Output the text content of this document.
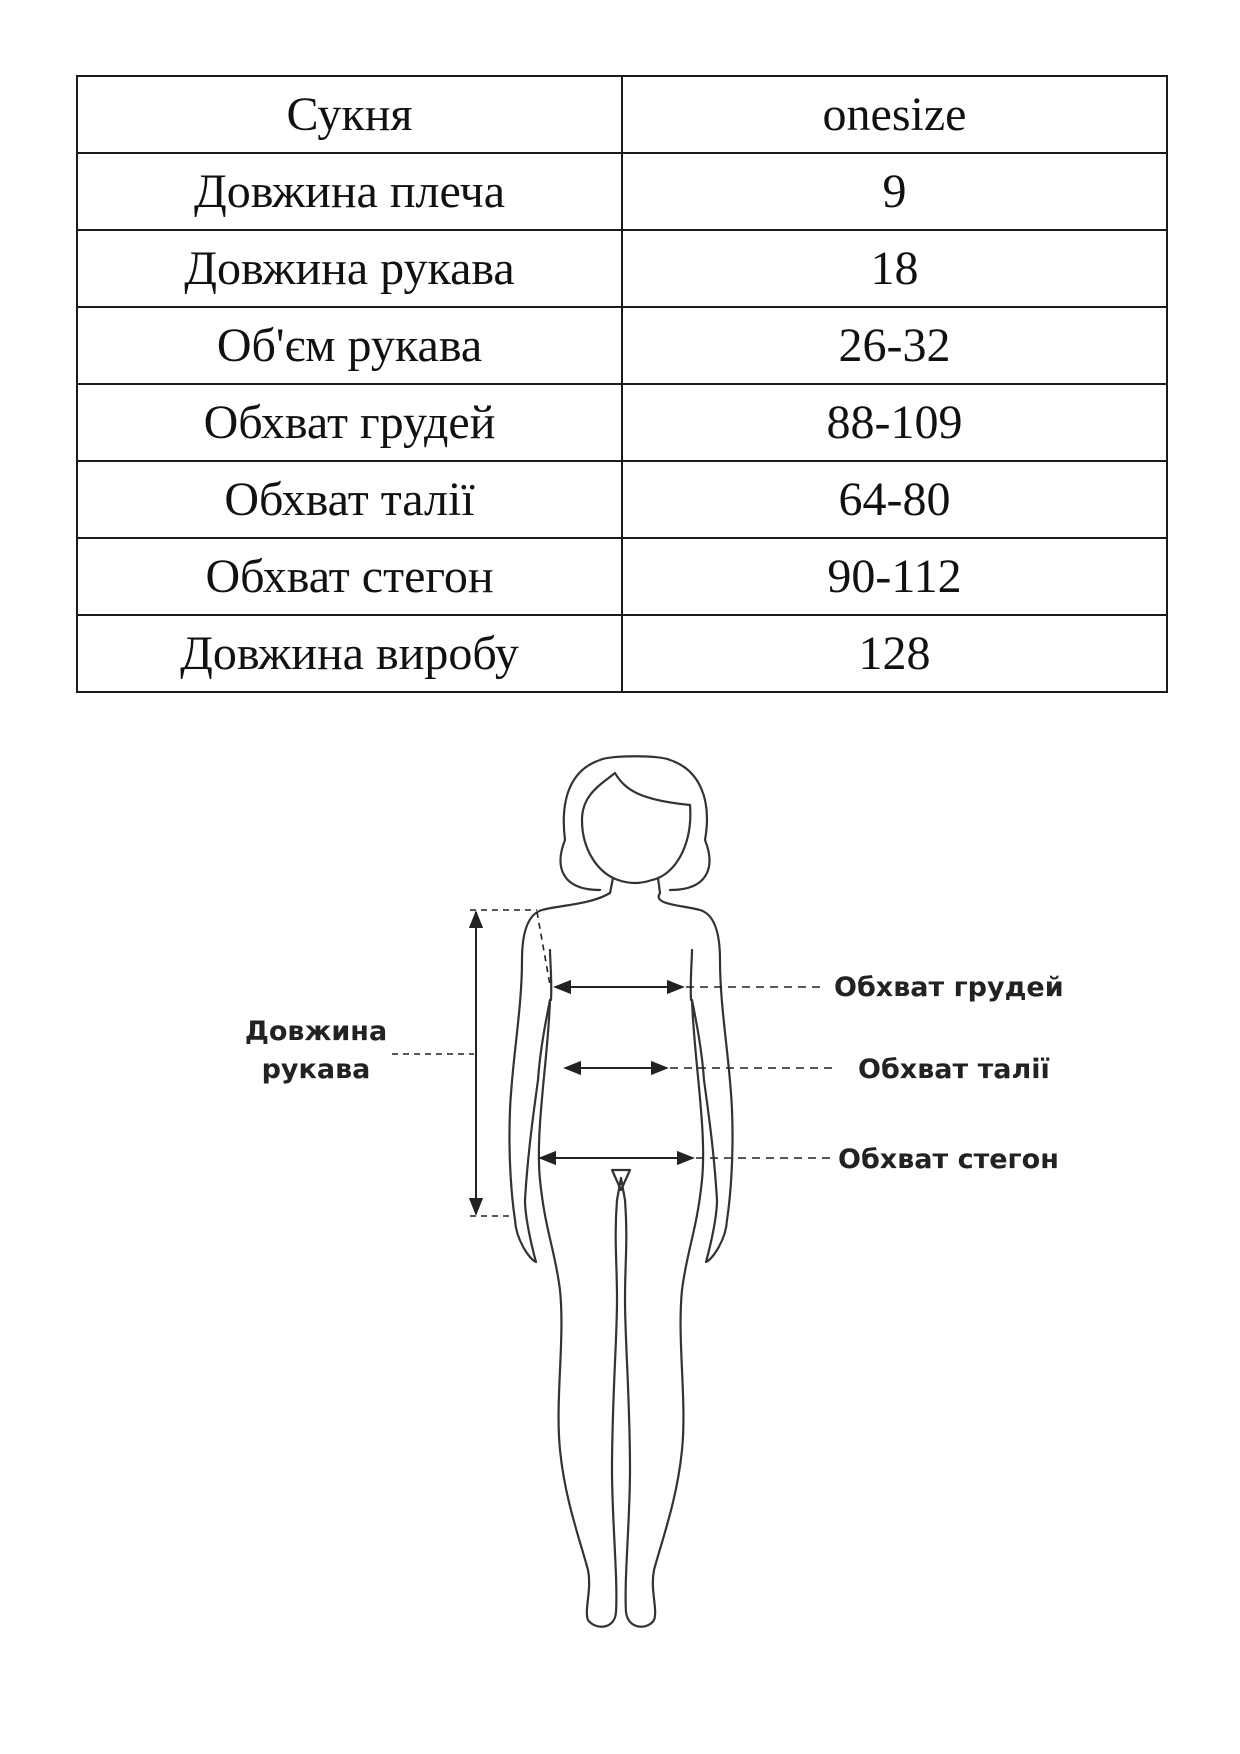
Сукня	onesize
Довжина плеча	9
Довжина рукава	18
Об'єм рукава	26-32
Обхват грудей	88-109
Обхват талії	64-80
Обхват стегон	90-112
Довжина виробу	128
Довжина
рукава
Обхват грудей
Обхват талії
Обхват стегон
